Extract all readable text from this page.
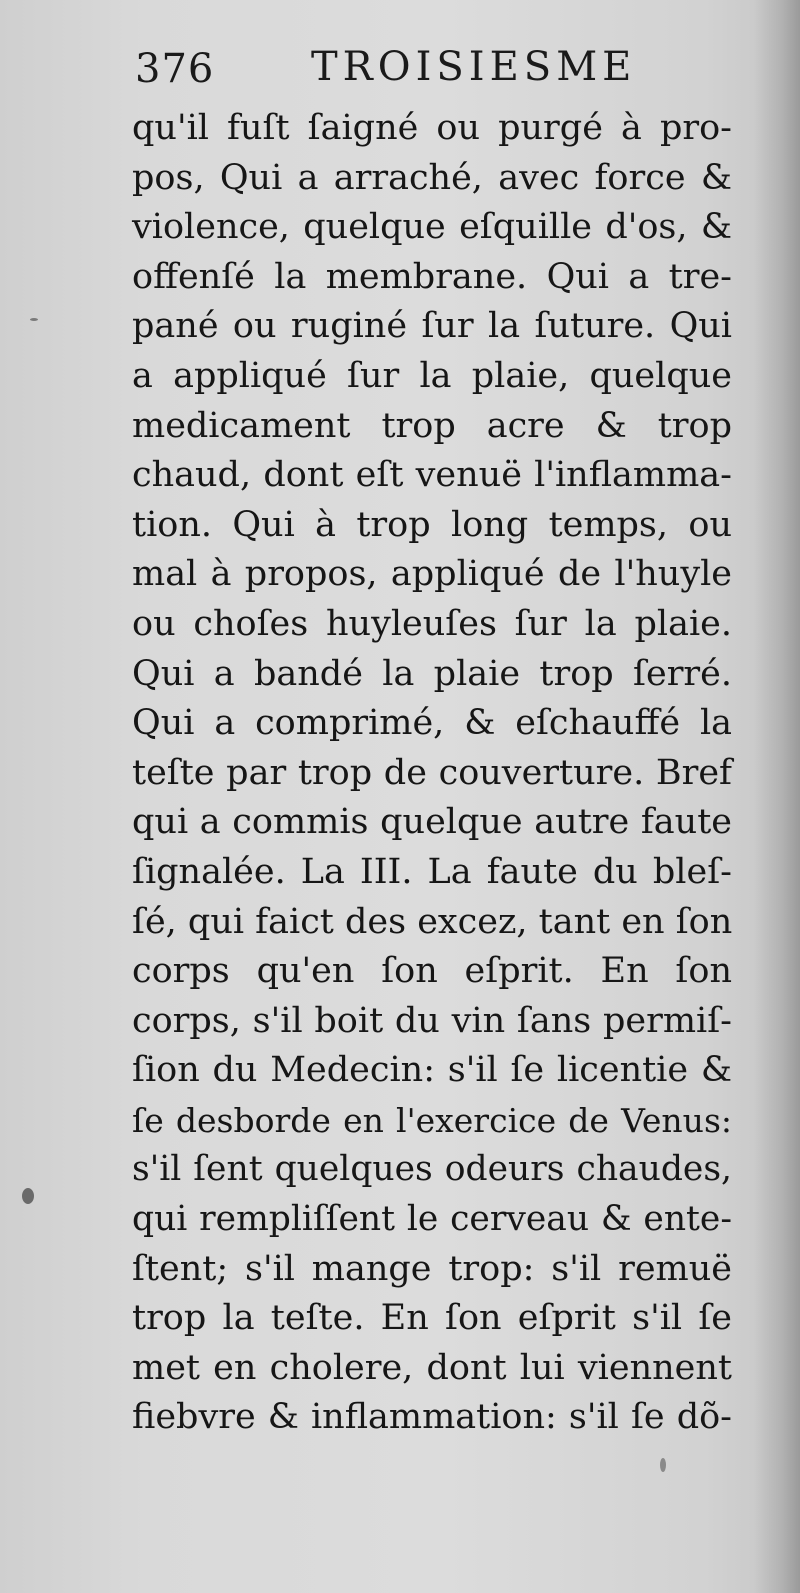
376 TROISIESME
qu'il fuſt ſaigné ou purgé à pro-
pos, Qui a arraché, avec force &
violence, quelque eſquille d'os, &
offenſé la membrane. Qui a tre-
pané ou ruginé ſur la ſuture. Qui
a appliqué ſur la plaie, quelque
medicament trop acre & trop
chaud, dont eſt venuë l'inflamma-
tion. Qui à trop long temps, ou
mal à propos, appliqué de l'huyle
ou choſes huyleuſes ſur la plaie.
Qui a bandé la plaie trop ſerré.
Qui a comprimé, & eſchauffé la
teſte par trop de couverture. Bref
qui a commis quelque autre faute
ſignalée. La III. La faute du bleſ-
ſé, qui faict des excez, tant en ſon
corps qu'en ſon eſprit. En ſon
corps, s'il boit du vin ſans permiſ-
ſion du Medecin: s'il ſe licentie &
ſe desborde en l'exercice de Venus:
s'il ſent quelques odeurs chaudes,
qui rempliſſent le cerveau & ente-
ſtent; s'il mange trop: s'il remuë
trop la teſte. En ſon eſprit s'il ſe
met en cholere, dont lui viennent
fiebvre & inflammation: s'il ſe dõ-
